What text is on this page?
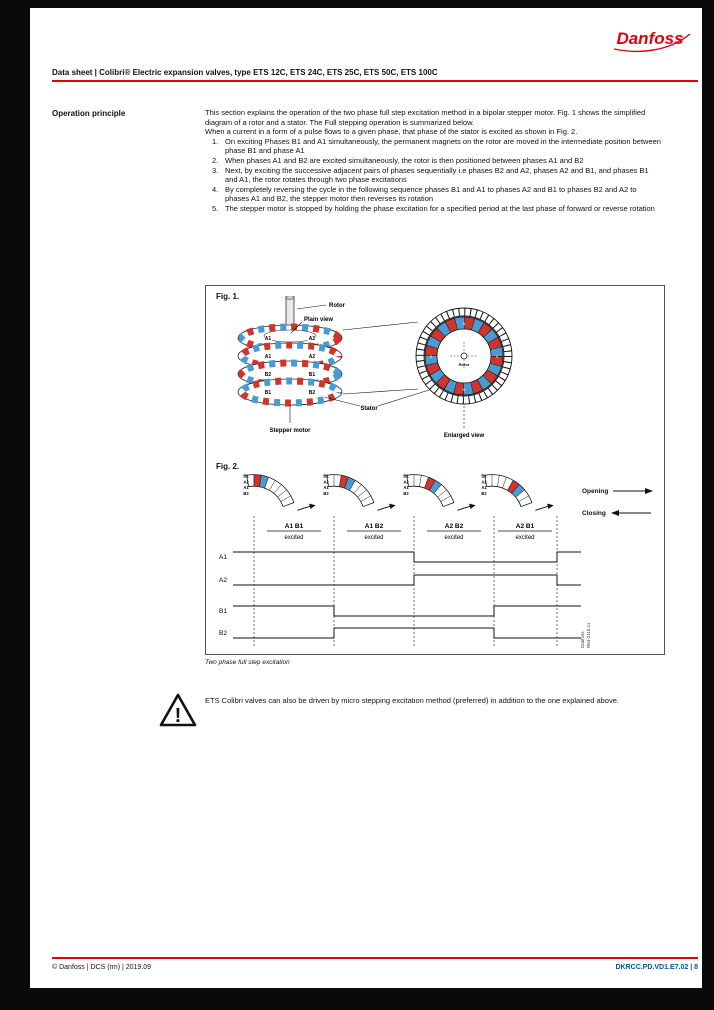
Danfoss
Data sheet | Colibri® Electric expansion valves, type ETS 12C, ETS 24C, ETS 25C, ETS 50C, ETS 100C
Operation principle	This section explains the operation of the two phase full step excitation method in a bipolar stepper motor. Fig. 1 shows the simplified diagram of a rotor and a stator. The Full stepping operation is summarized below.

When a current in a form of a pulse flows to a given phase, that phase of the stator is excited as shown in Fig. 2.

1. On exciting Phases B1 and A1 simultaneously, the permanent magnets on the rotor are moved in the intermediate position between phase B1 and phase A1
2. When phases A1 and B2 are excited simultaneously, the rotor is then positioned between phases A1 and B2
3. Next, by exciting the successive adjacent pairs of phases sequentially i.e phases B2 and A2, phases A2 and B1, and phases B1 and A1, the rotor rotates through two phase excitations
4. By completely reversing the cycle in the following sequence phases B1 and A1 to phases A2 and B1 to phases B2 and A2 to phases A1 and B2, the stepper motor then reverses its rotation
5. The stepper motor is stopped by holding the phase excitation for a specified period at the last phase of forward or reverse rotation
Fig. 1.
A1	A2
A1	A2
B2	B1
B1	B2
Rotor
Plain view
Stepper motor
Stator
S
N
S
N
Rotor
Enlarged view
Fig. 2.
B1
A2
A1
B2
B1
A2
A1
B2
B1
A2
A1
B2
B1
A2
A1
B2	Opening
Closing
A1 B1
excited
A1 B2
excited
A2 B2
excited
A2 B1
excited
A1
A2
B1
B2	Danfoss
R64-2110.11
Two phase full step excitation
!
ETS Colibri valves can also be driven by micro stepping excitation method (preferred) in addition to the one explained above.
© Danfoss | DCS (rm) | 2019.09	DKRCC.PD.VD1.E7.02 | 8
